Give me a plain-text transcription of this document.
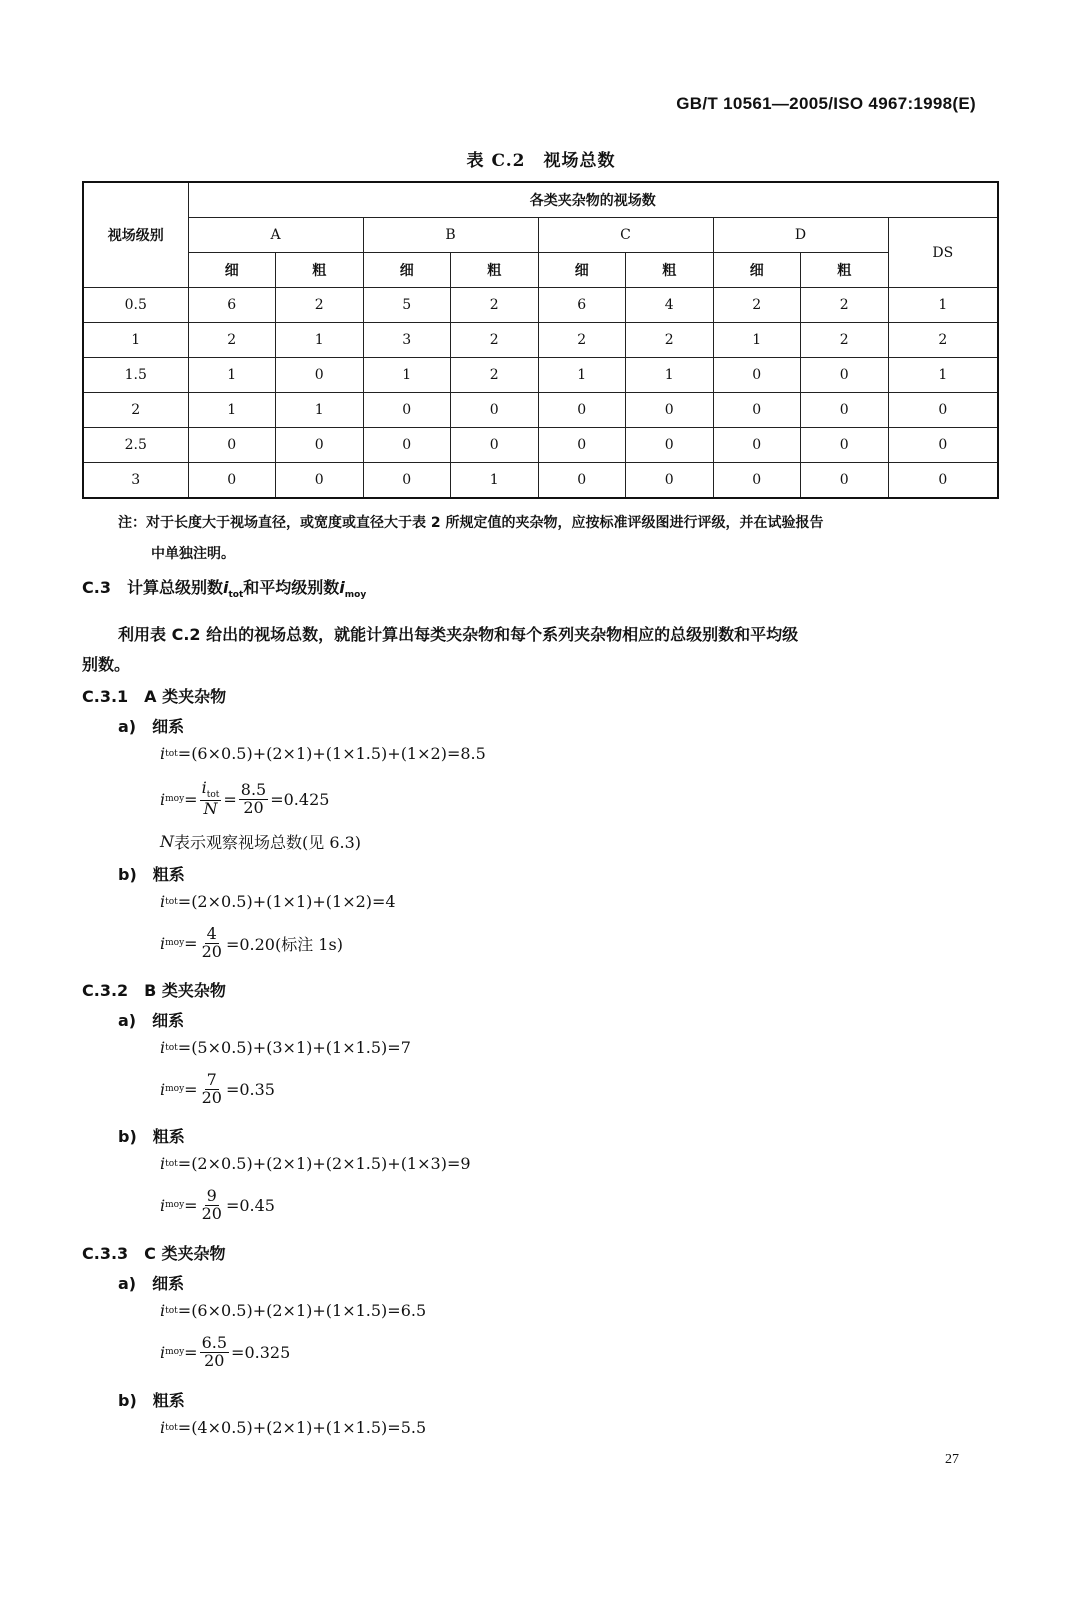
GB/T 10561—2005/ISO 4967:1998(E)
表 C.2　视场总数
视场级别	各类夹杂物的视场数								
	A		B		C		D		DS
	细	粗	细	粗	细	粗	细	粗	
0.5	6	2	5	2	6	4	2	2	1
1	2	1	3	2	2	2	1	2	2
1.5	1	0	1	2	1	1	0	0	1
2	1	1	0	0	0	0	0	0	0
2.5	0	0	0	0	0	0	0	0	0
3	0	0	0	1	0	0	0	0	0
注：对于长度大于视场直径，或宽度或直径大于表 2 所规定值的夹杂物，应按标准评级图进行评级，并在试验报告
中单独注明。
C.3　 计算总级别数$i_{tot}$和平均级别数$i_{moy}$
利用表 C.2 给出的视场总数，就能计算出每类夹杂物和每个系列夹杂物相应的总级别数和平均级
别数。
C.3.1　A 类夹杂物
a)　细系
i tot =(6×0.5)+(2×1)+(1×1.5)+(1×2)=8.5
i moy = $\frac{i_{tot}}{N} = \frac{8.5}{20} =0.425$
N 表示观察视场总数(见 6.3)
b)　粗系
i tot =(2×0.5)+(1×1)+(1×2)=4
i moy = $\frac{4}{20} =0.20$(标注 1s)
C.3.2　B 类夹杂物
a)　细系
i tot =(5×0.5)+(3×1)+(1×1.5)=7
i moy = $\frac{7}{20} =0.35$
b)　粗系
i tot =(2×0.5)+(2×1)+(2×1.5)+(1×3)=9
i moy = $\frac{9}{20} =0.45$
C.3.3　C 类夹杂物
a)　细系
i tot =(6×0.5)+(2×1)+(1×1.5)=6.5
i moy = $\frac{6.5}{20} =0.325$
b)　粗系
i tot =(4×0.5)+(2×1)+(1×1.5)=5.5
27
